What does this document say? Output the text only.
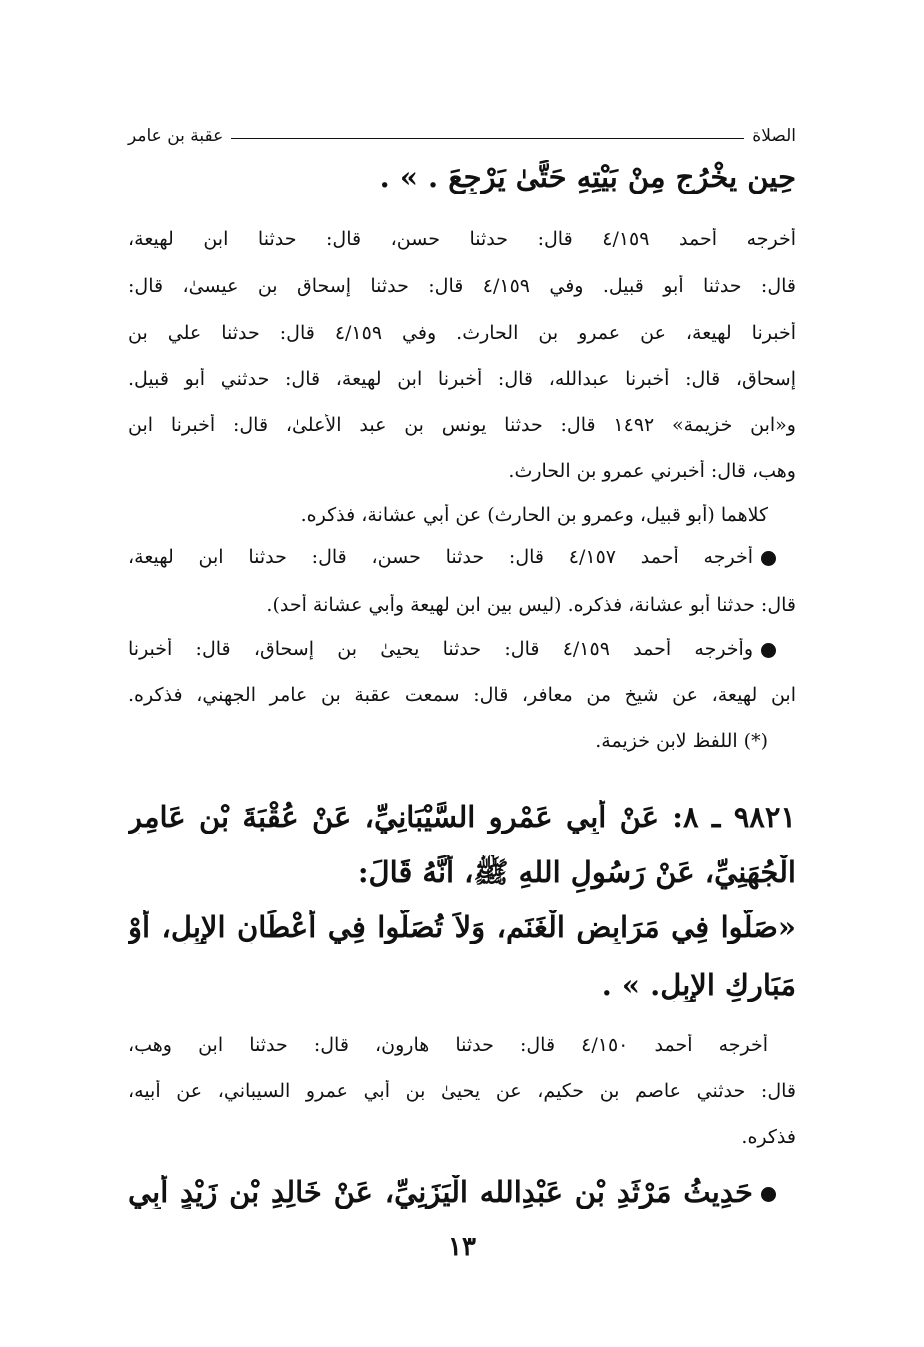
الصلاة
عقبة بن عامر
حِين يخْرُج مِنْ بَيْتِهِ حَتَّىٰ يَرْجِعَ . » .
أخرجه أحمد ٤/١٥٩ قال: حدثنا حسن، قال: حدثنا ابن لهيعة،
قال: حدثنا أبو قبيل. وفي ٤/١٥٩ قال: حدثنا إسحاق بن عيسىٰ، قال:
أخبرنا لهيعة، عن عمرو بن الحارث. وفي ٤/١٥٩ قال: حدثنا علي بن
إسحاق، قال: أخبرنا عبدالله، قال: أخبرنا ابن لهيعة، قال: حدثني أبو قبيل.
و«ابن خزيمة» ١٤٩٢ قال: حدثنا يونس بن عبد الأعلىٰ، قال: أخبرنا ابن
وهب، قال: أخبرني عمرو بن الحارث.
كلاهما (أبو قبيل، وعمرو بن الحارث) عن أبي عشانة، فذكره.
أخرجه أحمد ٤/١٥٧ قال: حدثنا حسن، قال: حدثنا ابن لهيعة،
قال: حدثنا أبو عشانة، فذكره. (ليس بين ابن لهيعة وأبي عشانة أحد).
وأخرجه أحمد ٤/١٥٩ قال: حدثنا يحيىٰ بن إسحاق، قال: أخبرنا
ابن لهيعة، عن شيخ من معافر، قال: سمعت عقبة بن عامر الجهني، فذكره.
(*) اللفظ لابن خزيمة.
٩٨٢١ ـ ٨: عَنْ أَبِي عَمْرو السَّيْبَانِيِّ، عَنْ عُقْبَةَ بْنِ عَامِرٍ
الْجُهَنِيِّ، عَنْ رَسُولِ اللهِ ﷺ، أَنَّهُ قَالَ:
«صَلُّوا فِي مَرَابِضِ الْغَنَمِ، وَلاَ تُصَلُّوا فِي أَعْطَانِ الإِبِلِ، أَوْ
مَبَارِكِ الإِبِلِ. » .
أخرجه أحمد ٤/١٥٠ قال: حدثنا هارون، قال: حدثنا ابن وهب،
قال: حدثني عاصم بن حكيم، عن يحيىٰ بن أبي عمرو السيباني، عن أبيه،
فذكره.
حَدِيثُ مَرْثَدِ بْنِ عَبْدِالله الْيَزَنِيِّ، عَنْ خَالِدِ بْنِ زَيْدٍ أَبِي
١٣
